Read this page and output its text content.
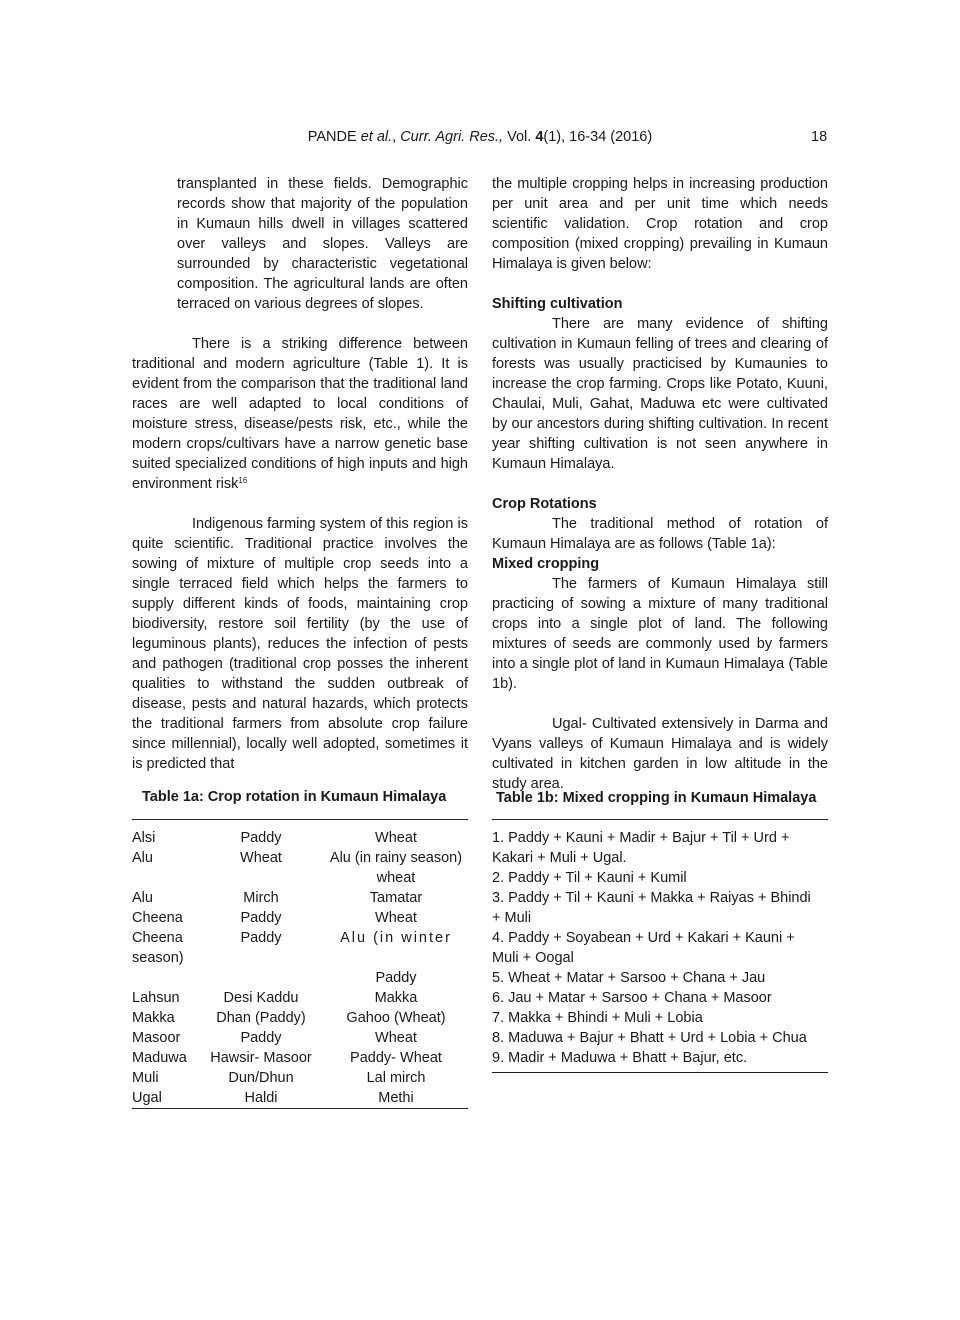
PANDE et al., Curr. Agri. Res., Vol. 4(1), 16-34 (2016)	18

transplanted in these fields. Demographic records show that majority of the population in Kumaun hills dwell in villages scattered over valleys and slopes. Valleys are surrounded by characteristic vegetational composition. The agricultural lands are often terraced on various degrees of slopes.

There is a striking difference between traditional and modern agriculture (Table 1). It is evident from the comparison that the traditional land races are well adapted to local conditions of moisture stress, disease/pests risk, etc., while the modern crops/cultivars have a narrow genetic base suited specialized conditions of high inputs and high environment risk$^{16}$

Indigenous farming system of this region is quite scientific. Traditional practice involves the sowing of mixture of multiple crop seeds into a single terraced field which helps the farmers to supply different kinds of foods, maintaining crop biodiversity, restore soil fertility (by the use of leguminous plants), reduces the infection of pests and pathogen (traditional crop posses the inherent qualities to withstand the sudden outbreak of disease, pests and natural hazards, which protects the traditional farmers from absolute crop failure since millennial), locally well adopted, sometimes it is predicted that

the multiple cropping helps in increasing production per unit area and per unit time which needs scientific validation. Crop rotation and crop composition (mixed cropping) prevailing in Kumaun Himalaya is given below:

Shifting cultivation

There are many evidence of shifting cultivation in Kumaun felling of trees and clearing of forests was usually practicised by Kumaunies to increase the crop farming. Crops like Potato, Kuuni, Chaulai, Muli, Gahat, Maduwa etc were cultivated by our ancestors during shifting cultivation. In recent year shifting cultivation is not seen anywhere in Kumaun Himalaya.

Crop Rotations

The traditional method of rotation of Kumaun Himalaya are as follows (Table 1a):

Mixed cropping

The farmers of Kumaun Himalaya still practicing of sowing a mixture of many traditional crops into a single plot of land. The following mixtures of seeds are commonly used by farmers into a single plot of land in Kumaun Himalaya (Table 1b).

Ugal- Cultivated extensively in Darma and Vyans valleys of Kumaun Himalaya and is widely cultivated in kitchen garden in low altitude in the study area.

Table 1a: Crop rotation in Kumaun Himalaya
Alsi	Paddy	Wheat
Alu	Wheat	Alu (in rainy season)
		wheat
Alu	Mirch	Tamatar
Cheena	Paddy	Wheat
Cheena	Paddy	Alu (in winter
season)		
		Paddy
Lahsun	Desi Kaddu	Makka
Makka	Dhan (Paddy)	Gahoo (Wheat)
Masoor	Paddy	Wheat
Maduwa	Hawsir- Masoor	Paddy- Wheat
Muli	Dun/Dhun	Lal mirch
Ugal	Haldi	Methi
Table 1b: Mixed cropping in Kumaun Himalaya
1. Paddy + Kauni + Madir + Bajur + Til + Urd +
Kakari + Muli + Ugal.
2. Paddy + Til + Kauni + Kumil
3. Paddy + Til + Kauni + Makka + Raiyas + Bhindi
+ Muli
4. Paddy + Soyabean + Urd + Kakari + Kauni +
Muli + Oogal
5. Wheat + Matar + Sarsoo + Chana + Jau
6. Jau + Matar + Sarsoo + Chana + Masoor
7. Makka + Bhindi + Muli + Lobia
8. Maduwa + Bajur + Bhatt + Urd + Lobia + Chua
9. Madir + Maduwa + Bhatt + Bajur, etc.
